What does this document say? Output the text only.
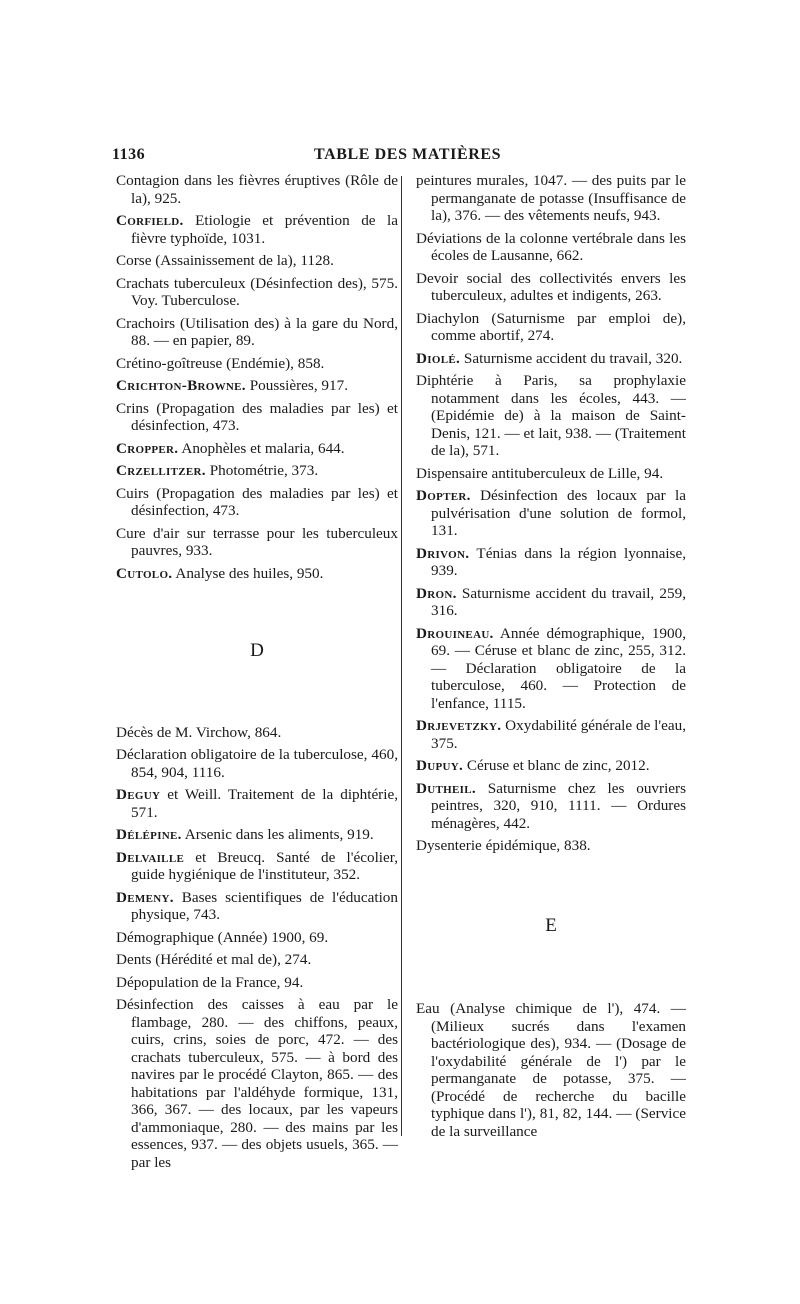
1136	TABLE DES MATIÈRES

Contagion dans les fièvres éruptives (Rôle de la), 925.

Corfield. Etiologie et prévention de la fièvre typhoïde, 1031.

Corse (Assainissement de la), 1128.

Crachats tuberculeux (Désinfection des), 575. Voy. Tuberculose.

Crachoirs (Utilisation des) à la gare du Nord, 88. — en papier, 89.

Crétino-goîtreuse (Endémie), 858.

Crichton-Browne. Poussières, 917.

Crins (Propagation des maladies par les) et désinfection, 473.

Cropper. Anophèles et malaria, 644.

Crzellitzer. Photométrie, 373.

Cuirs (Propagation des maladies par les) et désinfection, 473.

Cure d'air sur terrasse pour les tuberculeux pauvres, 933.

Cutolo. Analyse des huiles, 950.

D

Décès de M. Virchow, 864.

Déclaration obligatoire de la tuberculose, 460, 854, 904, 1116.

Deguy et Weill. Traitement de la diphtérie, 571.

Délépine. Arsenic dans les aliments, 919.

Delvaille et Breucq. Santé de l'écolier, guide hygiénique de l'instituteur, 352.

Demeny. Bases scientifiques de l'éducation physique, 743.

Démographique (Année) 1900, 69.

Dents (Hérédité et mal de), 274.

Dépopulation de la France, 94.

Désinfection des caisses à eau par le flambage, 280. — des chiffons, peaux, cuirs, crins, soies de porc, 472. — des crachats tuberculeux, 575. — à bord des navires par le procédé Clayton, 865. — des habitations par l'aldéhyde formique, 131, 366, 367. — des locaux, par les vapeurs d'ammoniaque, 280. — des mains par les essences, 937. — des objets usuels, 365. — par les

peintures murales, 1047. — des puits par le permanganate de potasse (Insuffisance de la), 376. — des vêtements neufs, 943.

Déviations de la colonne vertébrale dans les écoles de Lausanne, 662.

Devoir social des collectivités envers les tuberculeux, adultes et indigents, 263.

Diachylon (Saturnisme par emploi de), comme abortif, 274.

Diolé. Saturnisme accident du travail, 320.

Diphtérie à Paris, sa prophylaxie notamment dans les écoles, 443. — (Epidémie de) à la maison de Saint-Denis, 121. — et lait, 938. — (Traitement de la), 571.

Dispensaire antituberculeux de Lille, 94.

Dopter. Désinfection des locaux par la pulvérisation d'une solution de formol, 131.

Drivon. Ténias dans la région lyonnaise, 939.

Dron. Saturnisme accident du travail, 259, 316.

Drouineau. Année démographique, 1900, 69. — Céruse et blanc de zinc, 255, 312. — Déclaration obligatoire de la tuberculose, 460. — Protection de l'enfance, 1115.

Drjevetzky. Oxydabilité générale de l'eau, 375.

Dupuy. Céruse et blanc de zinc, 2012.

Dutheil. Saturnisme chez les ouvriers peintres, 320, 910, 1111. — Ordures ménagères, 442.

Dysenterie épidémique, 838.

E

Eau (Analyse chimique de l'), 474. — (Milieux sucrés dans l'examen bactériologique des), 934. — (Dosage de l'oxydabilité générale de l') par le permanganate de potasse, 375. — (Procédé de recherche du bacille typhique dans l'), 81, 82, 144. — (Service de la surveillance
